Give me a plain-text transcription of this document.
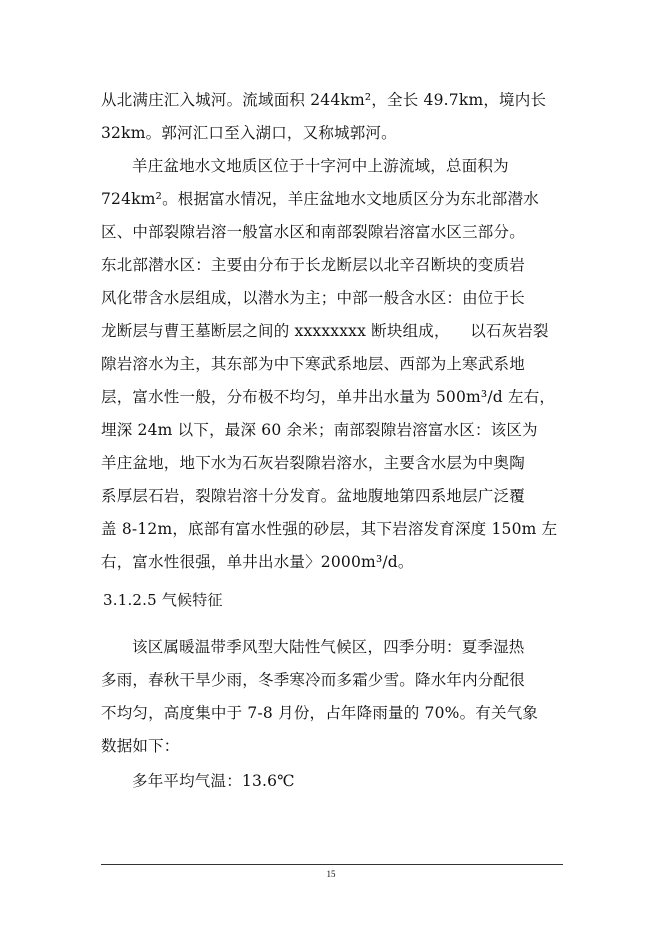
从北满庄汇入城河。流域面积 244km²，全长 49.7km，境内长
32km。郭河汇口至入湖口，又称城郭河。
羊庄盆地水文地质区位于十字河中上游流域，总面积为
724km²。根据富水情况，羊庄盆地水文地质区分为东北部潜水
区、中部裂隙岩溶一般富水区和南部裂隙岩溶富水区三部分。
东北部潜水区：主要由分布于长龙断层以北辛召断块的变质岩
风化带含水层组成，以潜水为主；中部一般含水区：由位于长
龙断层与曹王墓断层之间的 xxxxxxxx 断块组成，    以石灰岩裂
隙岩溶水为主，其东部为中下寒武系地层、西部为上寒武系地
层，富水性一般，分布极不均匀，单井出水量为 500m³/d 左右，
埋深 24m 以下，最深 60 余米；南部裂隙岩溶富水区：该区为
羊庄盆地，地下水为石灰岩裂隙岩溶水，主要含水层为中奥陶
系厚层石岩，裂隙岩溶十分发育。盆地腹地第四系地层广泛覆
盖 8-12m，底部有富水性强的砂层，其下岩溶发育深度 150m 左
右，富水性很强，单井出水量〉2000m³/d。
3.1.2.5 气候特征
该区属暖温带季风型大陆性气候区，四季分明：夏季湿热
多雨，春秋干旱少雨，冬季寒冷而多霜少雪。降水年内分配很
不均匀，高度集中于 7-8 月份，占年降雨量的 70%。有关气象
数据如下：
多年平均气温：13.6℃
15
